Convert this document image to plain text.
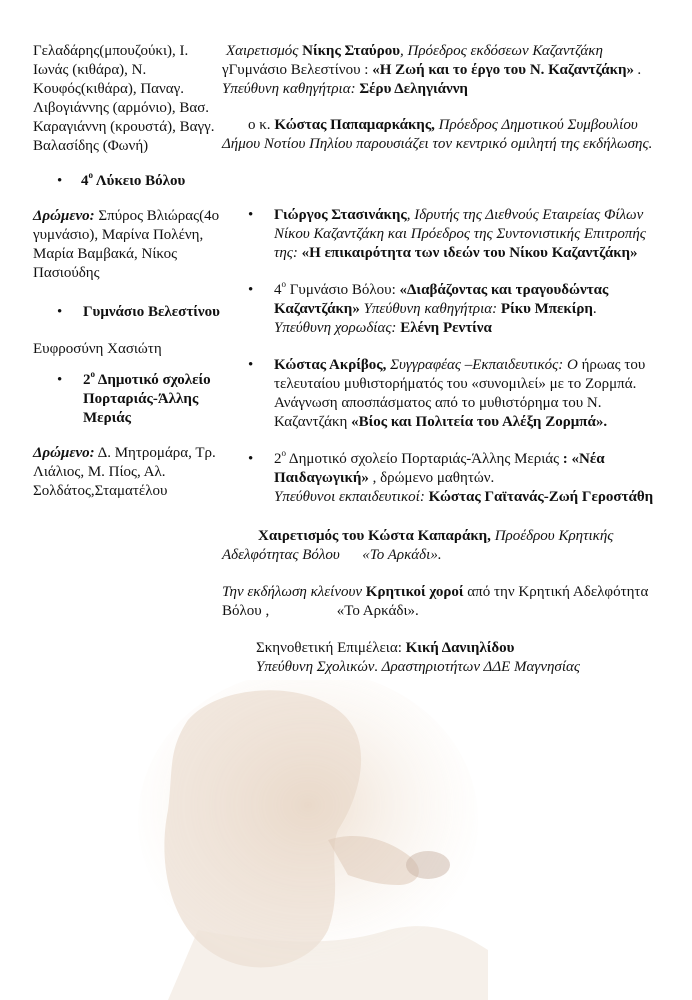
Γελαδάρης(μπουζούκι), Ι. Ιωνάς (κιθάρα), Ν. Κουφός(κιθάρα), Παναγ. Λιβογιάννης (αρμόνιο), Βασ. Καραγιάννη (κρουστά), Βαγγ. Βαλασίδης (Φωνή)

• $4^o$ Λύκειο Βόλου

Δρώμενο: Σπύρος Βλιώρας(4ο γυμνάσιο), Μαρίνα Πολένη, Μαρία Βαμβακά, Νίκος Πασιούδης

• Γυμνάσιο Βελεστίνου

Ευφροσύνη Χασιώτη

• $2^o$ Δημοτικό σχολείο Πορταριάς-Άλλης Μεριάς

Δρώμενο: Δ. Μητρομάρα, Τρ. Λιάλιος, Μ. Πίος, Αλ. Σολδάτος,Σταματέλου

Χαιρετισμός Νίκης Σταύρου, Πρόεδρος εκδόσεων Καζαντζάκη γΓυμνάσιο Βελεστίνου : «Η Ζωή και το έργο του Ν. Καζαντζάκη» . Υπεύθυνη καθηγήτρια: Σέρυ Δεληγιάννη

ο κ. Κώστας Παπαμαρκάκης, Πρόεδρος Δημοτικού Συμβουλίου Δήμου Νοτίου Πηλίου παρουσιάζει τον κεντρικό ομιλητή της εκδήλωσης.

• Γιώργος Στασινάκης, Ιδρυτής της Διεθνούς Εταιρείας Φίλων Νίκου Καζαντζάκη και Πρόεδρος της Συντονιστικής Επιτροπής της: «Η επικαιρότητα των ιδεών του Νίκου Καζαντζάκη»
• $4^o$ Γυμνάσιο Βόλου: «Διαβάζοντας και τραγουδώντας Καζαντζάκη» Υπεύθυνη καθηγήτρια: Ρίκυ Μπεκίρη.
Υπεύθυνη χορωδίας: Ελένη Ρεντίνα
• Κώστας Ακρίβος, Συγγραφέας –Εκπαιδευτικός: Ο ήρωας του τελευταίου μυθιστορήματός του «συνομιλεί» με το Ζορμπά. Ανάγνωση αποσπάσματος από το μυθιστόρημα του Ν. Καζαντζάκη «Βίος και Πολιτεία του Αλέξη Ζορμπά».
• $2^o$ Δημοτικό σχολείο Πορταριάς-Άλλης Μεριάς : «Νέα Παιδαγωγική» , δρώμενο μαθητών.
Υπεύθυνοι εκπαιδευτικοί: Κώστας Γαϊτανάς-Ζωή Γεροστάθη

Χαιρετισμός του Κώστα Καπαράκη, Προέδρου Κρητικής Αδελφότητας Βόλου «Το Αρκάδι».

Την εκδήλωση κλείνουν Κρητικοί χοροί από την Κρητική Αδελφότητα Βόλου ,	«Το Αρκάδι».

Σκηνοθετική Επιμέλεια: Κική Δανιηλίδου
Υπεύθυνη Σχολικών. Δραστηριοτήτων ΔΔΕ Μαγνησίας
